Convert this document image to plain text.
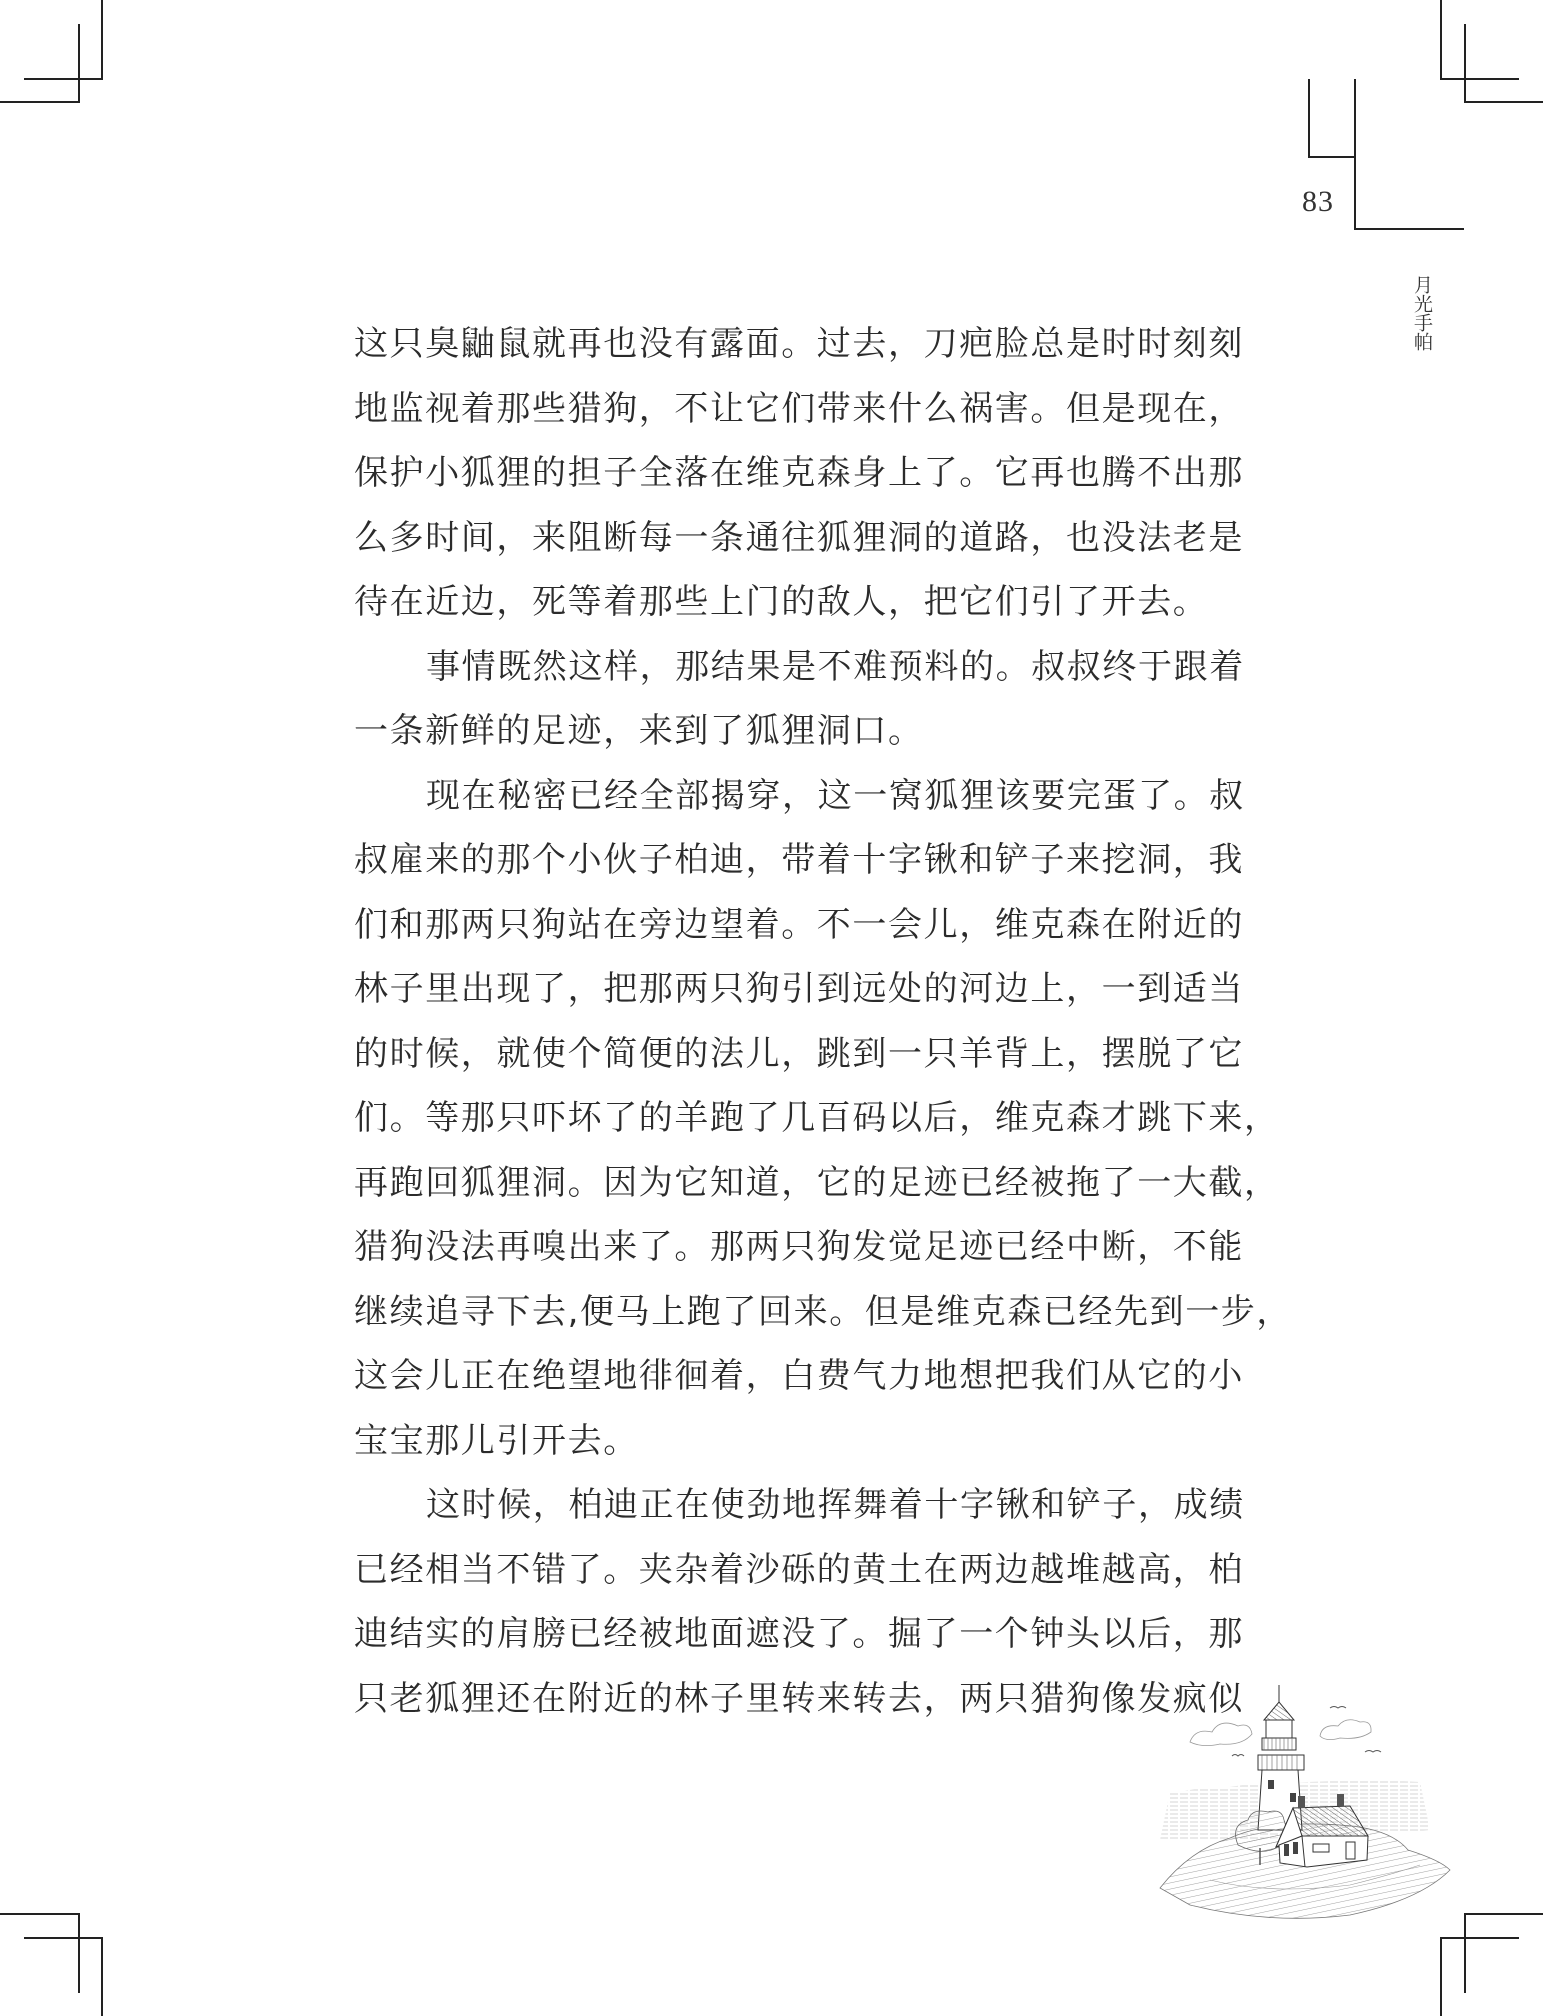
83
月光手帕
这只臭鼬鼠就再也没有露面。过去，刀疤脸总是时时刻刻
地监视着那些猎狗，不让它们带来什么祸害。但是现在，
保护小狐狸的担子全落在维克森身上了。它再也腾不出那
么多时间，来阻断每一条通往狐狸洞的道路，也没法老是
待在近边，死等着那些上门的敌人，把它们引了开去。
事情既然这样，那结果是不难预料的。叔叔终于跟着
一条新鲜的足迹，来到了狐狸洞口。
现在秘密已经全部揭穿，这一窝狐狸该要完蛋了。叔
叔雇来的那个小伙子柏迪，带着十字锹和铲子来挖洞，我
们和那两只狗站在旁边望着。不一会儿，维克森在附近的
林子里出现了，把那两只狗引到远处的河边上，一到适当
的时候，就使个简便的法儿，跳到一只羊背上，摆脱了它
们。等那只吓坏了的羊跑了几百码以后，维克森才跳下来，
再跑回狐狸洞。因为它知道，它的足迹已经被拖了一大截，
猎狗没法再嗅出来了。那两只狗发觉足迹已经中断，不能
继续追寻下去,便马上跑了回来。但是维克森已经先到一步，
这会儿正在绝望地徘徊着，白费气力地想把我们从它的小
宝宝那儿引开去。
这时候，柏迪正在使劲地挥舞着十字锹和铲子，成绩
已经相当不错了。夹杂着沙砾的黄土在两边越堆越高，柏
迪结实的肩膀已经被地面遮没了。掘了一个钟头以后，那
只老狐狸还在附近的林子里转来转去，两只猎狗像发疯似
